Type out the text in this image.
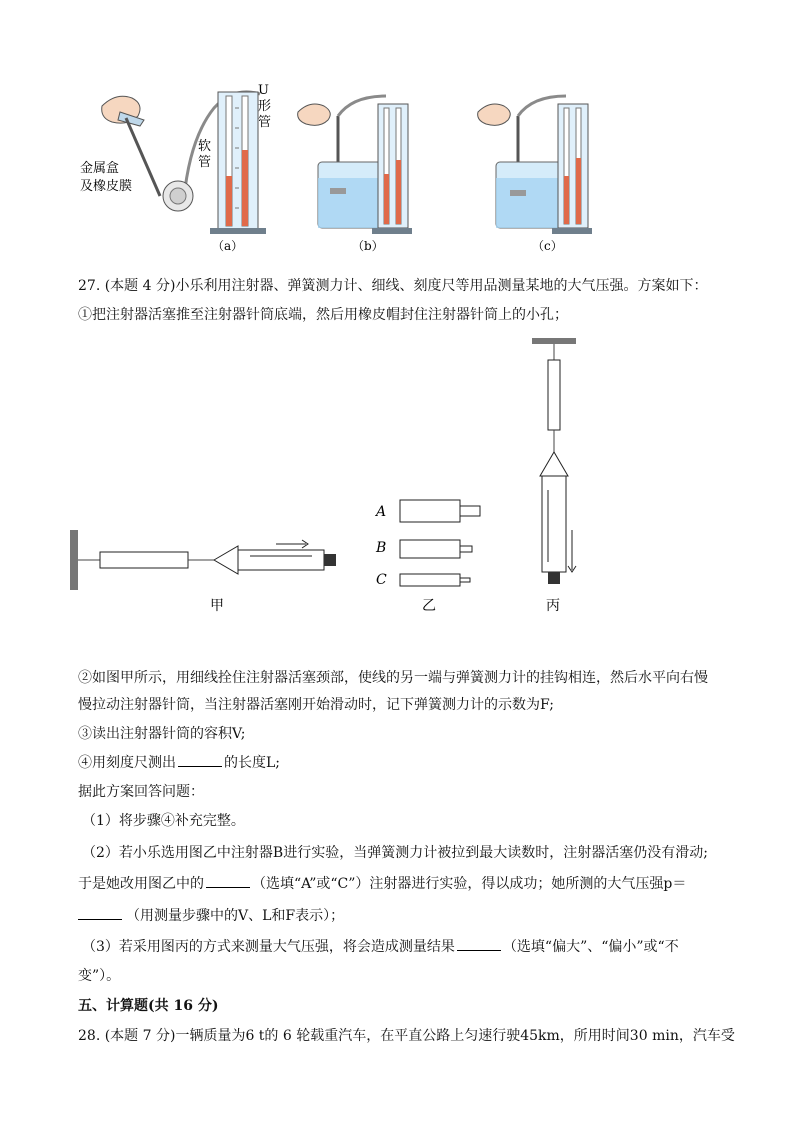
U
形
管
软
管
金属盒
及橡皮膜
（a）	（b）	（c）
27. (本题 4 分)小乐利用注射器、弹簧测力计、细线、刻度尺等用品测量某地的大气压强。方案如下：
①把注射器活塞推至注射器针筒底端，然后用橡皮帽封住注射器针筒上的小孔；
甲
A
B
C
乙	丙
②如图甲所示，用细线拴住注射器活塞颈部，使线的另一端与弹簧测力计的挂钩相连，然后水平向右慢
慢拉动注射器针筒，当注射器活塞刚开始滑动时，记下弹簧测力计的示数为F;
③读出注射器针筒的容积V;
④用刻度尺测出	的长度L;
据此方案回答问题：
（1）将步骤④补充完整。
（2）若小乐选用图乙中注射器B进行实验，当弹簧测力计被拉到最大读数时，注射器活塞仍没有滑动;
于是她改用图乙中的	（选填“A”或“C”）注射器进行实验，得以成功；她所测的大气压强p＝
（用测量步骤中的V、L和F表示）；
（3）若采用图丙的方式来测量大气压强，将会造成测量结果	（选填“偏大”、“偏小”或“不
变”）。
五、计算题(共 16 分)
28. (本题 7 分)一辆质量为6 t的 6 轮载重汽车，在平直公路上匀速行驶45km，所用时间30 min，汽车受
